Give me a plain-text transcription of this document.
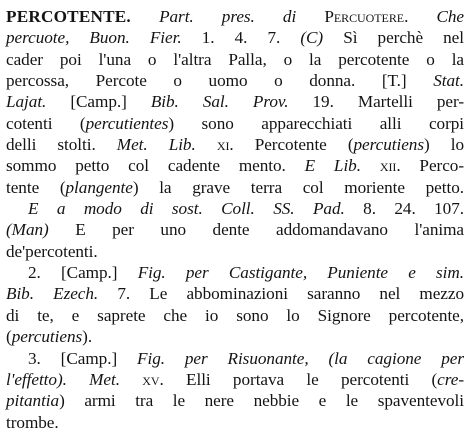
PERCOTENTE. Part. pres. di Percuotere. Che
percuote, Buon. Fier. 1. 4. 7. (C) Sì perchè nel
cader poi l'una o l'altra Palla, o la percotente o la
percossa, Percote o uomo o donna. [T.] Stat.
Lajat. [Camp.] Bib. Sal. Prov. 19. Martelli per-
cotenti (percutientes) sono apparecchiati alli corpi
delli stolti. Met. Lib. xi. Percotente (percutiens) lo
sommo petto col cadente mento. E Lib. xii. Perco-
tente (plangente) la grave terra col moriente petto.
E a modo di sost. Coll. SS. Pad. 8. 24. 107.
(Man) E per uno dente addomandavano l'anima
de'percotenti.
2. [Camp.] Fig. per Castigante, Puniente e sim.
Bib. Ezech. 7. Le abbominazioni saranno nel mezzo
di te, e saprete che io sono lo Signore percotente,
(percutiens).
3. [Camp.] Fig. per Risuonante, (la cagione per
l'effetto). Met. xv. Elli portava le percotenti (cre-
pitantia) armi tra le nere nebbie e le spaventevoli
trombe.
